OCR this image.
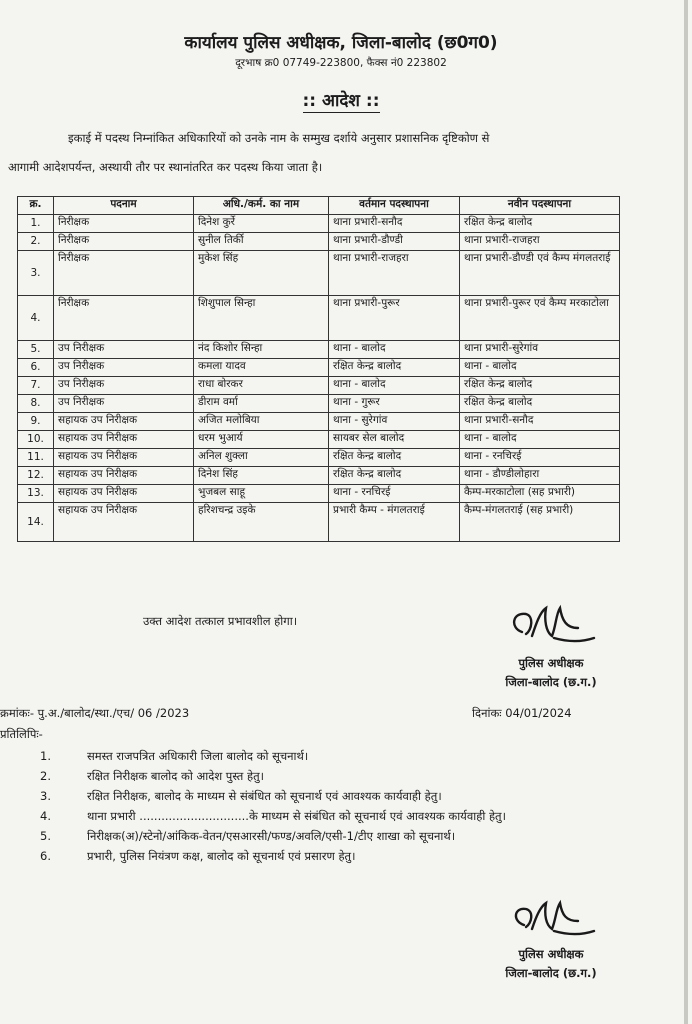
कार्यालय पुलिस अधीक्षक, जिला-बालोद (छ0ग0)
दूरभाष क्र0 07749-223800, फैक्स नं0 223802
:: आदेश ::
इकाई में पदस्थ निम्नांकित अधिकारियों को उनके नाम के सम्मुख दर्शाये अनुसार प्रशासनिक दृष्टिकोण से
आगामी आदेशपर्यन्त, अस्थायी तौर पर स्थानांतरित कर पदस्थ किया जाता है।
क्र.	पदनाम	अधि./कर्म. का नाम	वर्तमान पदस्थापना	नवीन पदस्थापना
1.	निरीक्षक	दिनेश कुर्रे	थाना प्रभारी-सनौद	रक्षित केन्द्र बालोद
2.	निरीक्षक	सुनील तिर्की	थाना प्रभारी-डौण्डी	थाना प्रभारी-राजहरा
3.	निरीक्षक	मुकेश सिंह	थाना प्रभारी-राजहरा	थाना प्रभारी-डौण्डी एवं कैम्प मंगलतराई
4.	निरीक्षक	शिशुपाल सिन्हा	थाना प्रभारी-पुरूर	थाना प्रभारी-पुरूर एवं कैम्प मरकाटोला
5.	उप निरीक्षक	नंद किशोर सिन्हा	थाना - बालोद	थाना प्रभारी-सुरेगांव
6.	उप निरीक्षक	कमला यादव	रक्षित केन्द्र बालोद	थाना - बालोद
7.	उप निरीक्षक	राधा बोरकर	थाना - बालोद	रक्षित केन्द्र बालोद
8.	उप निरीक्षक	डीराम वर्मा	थाना - गुरूर	रक्षित केन्द्र बालोद
9.	सहायक उप निरीक्षक	अजित मलोबिया	थाना - सुरेगांव	थाना प्रभारी-सनौद
10.	सहायक उप निरीक्षक	धरम भुआर्य	सायबर सेल बालोद	थाना - बालोद
11.	सहायक उप निरीक्षक	अनिल शुक्ला	रक्षित केन्द्र बालोद	थाना - रनचिरई
12.	सहायक उप निरीक्षक	दिनेश सिंह	रक्षित केन्द्र बालोद	थाना - डौण्डीलोहारा
13.	सहायक उप निरीक्षक	भुजबल साहू	थाना - रनचिरई	कैम्प-मरकाटोला (सह प्रभारी)
14.	सहायक उप निरीक्षक	हरिशचन्द्र उइके	प्रभारी कैम्प - मंगलतराई	कैम्प-मंगलतराई (सह प्रभारी)
उक्त आदेश तत्काल प्रभावशील होगा।
पुलिस अधीक्षक
जिला-बालोद (छ.ग.)
क्रमांकः- पु.अ./बालोद/स्था./एच/ 06 /2023	दिनांकः 04/01/2024
प्रतिलिपिः-
1.	समस्त राजपत्रित अधिकारी जिला बालोद को सूचनार्थ।
2.	रक्षित निरीक्षक बालोद को आदेश पुस्त हेतु।
3.	रक्षित निरीक्षक, बालोद के माध्यम से संबंधित को सूचनार्थ एवं आवश्यक कार्यवाही हेतु।
4.	थाना प्रभारी ..............................के माध्यम से संबंधित को सूचनार्थ एवं आवश्यक कार्यवाही हेतु।
5.	निरीक्षक(अ)/स्टेनो/आंकिक-वेतन/एसआरसी/फण्ड/अवलि/एसी-1/टीए शाखा को सूचनार्थ।
6.	प्रभारी, पुलिस नियंत्रण कक्ष, बालोद को सूचनार्थ एवं प्रसारण हेतु।
पुलिस अधीक्षक
जिला-बालोद (छ.ग.)
